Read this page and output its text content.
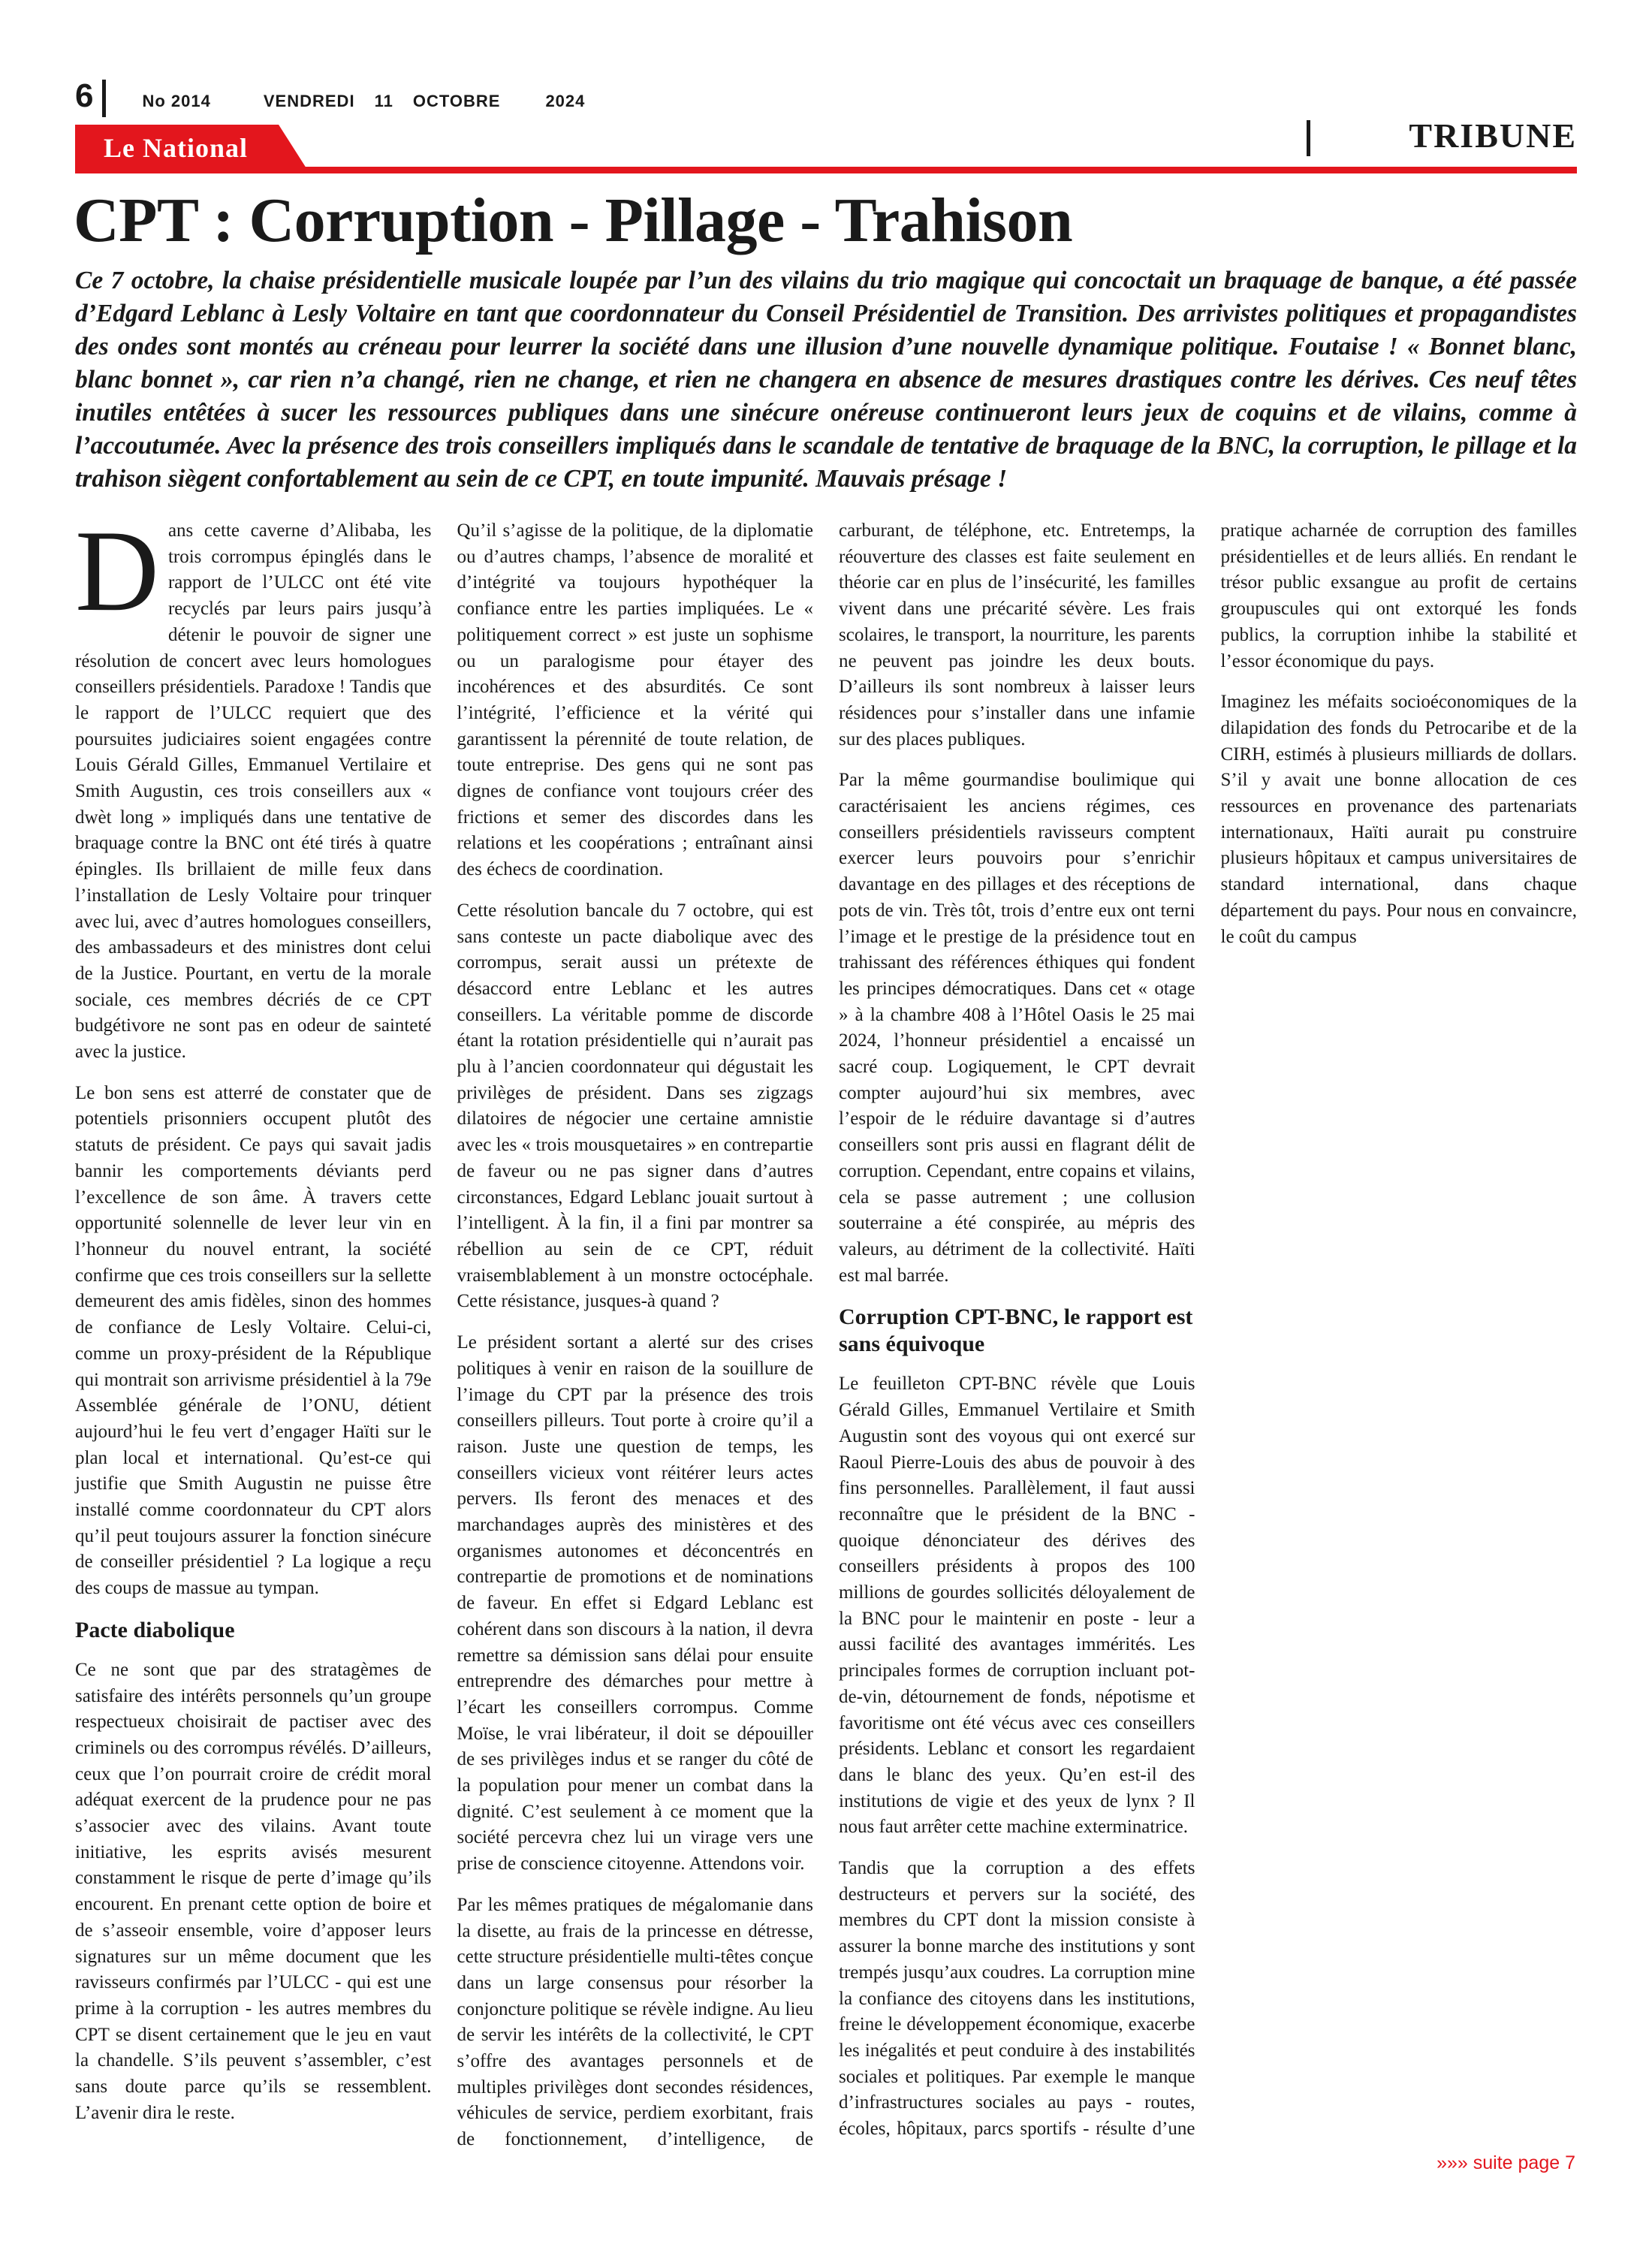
6	No 2014	VENDREDI 11 OCTOBRE	2024
Le National	TRIBUNE
CPT : Corruption - Pillage - Trahison

Ce 7 octobre, la chaise présidentielle musicale loupée par l’un des vilains du trio magique qui concoctait un braquage de banque, a été passée d’Edgard Leblanc à Lesly Voltaire en tant que coordonnateur du Conseil Présidentiel de Transition. Des arrivistes politiques et propagandistes des ondes sont montés au créneau pour leurrer la société dans une illusion d’une nouvelle dynamique politique. Foutaise ! « Bonnet blanc, blanc bonnet », car rien n’a changé, rien ne change, et rien ne changera en absence de mesures drastiques contre les dérives. Ces neuf têtes inutiles entêtées à sucer les ressources publiques dans une sinécure onéreuse continueront leurs jeux de coquins et de vilains, comme à l’accoutumée. Avec la présence des trois conseillers impliqués dans le scandale de tentative de braquage de la BNC, la corruption, le pillage et la trahison siègent confortablement au sein de ce CPT, en toute impunité. Mauvais présage !

Dans cette caverne d’Alibaba, les trois corrompus épinglés dans le rapport de l’ULCC ont été vite recyclés par leurs pairs jusqu’à détenir le pouvoir de signer une résolution de concert avec leurs homologues conseillers présidentiels. Paradoxe ! Tandis que le rapport de l’ULCC requiert que des poursuites judiciaires soient engagées contre Louis Gérald Gilles, Emmanuel Vertilaire et Smith Augustin, ces trois conseillers aux « dwèt long » impliqués dans une tentative de braquage contre la BNC ont été tirés à quatre épingles. Ils brillaient de mille feux dans l’installation de Lesly Voltaire pour trinquer avec lui, avec d’autres homologues conseillers, des ambassadeurs et des ministres dont celui de la Justice. Pourtant, en vertu de la morale sociale, ces membres décriés de ce CPT budgétivore ne sont pas en odeur de sainteté avec la justice.

Le bon sens est atterré de constater que de potentiels prisonniers occupent plutôt des statuts de président. Ce pays qui savait jadis bannir les comportements déviants perd l’excellence de son âme. À travers cette opportunité solennelle de lever leur vin en l’honneur du nouvel entrant, la société confirme que ces trois conseillers sur la sellette demeurent des amis fidèles, sinon des hommes de confiance de Lesly Voltaire. Celui-ci, comme un proxy-président de la République qui montrait son arrivisme présidentiel à la 79e Assemblée générale de l’ONU, détient aujourd’hui le feu vert d’engager Haïti sur le plan local et international. Qu’est-ce qui justifie que Smith Augustin ne puisse être installé comme coordonnateur du CPT alors qu’il peut toujours assurer la fonction sinécure de conseiller présidentiel ? La logique a reçu des coups de massue au tympan.

Pacte diabolique

Ce ne sont que par des stratagèmes de satisfaire des intérêts personnels qu’un groupe respectueux choisirait de pactiser avec des criminels ou des corrompus révélés. D’ailleurs, ceux que l’on pourrait croire de crédit moral adéquat exercent de la prudence pour ne pas s’associer avec des vilains. Avant toute initiative, les esprits avisés mesurent constamment le risque de perte d’image qu’ils encourent. En prenant cette option de boire et de s’asseoir ensemble, voire d’apposer leurs signatures sur un même document que les ravisseurs confirmés par l’ULCC - qui est une prime à la corruption - les autres membres du CPT se disent certainement que le jeu en vaut la chandelle. S’ils peuvent s’assembler, c’est sans doute parce qu’ils se ressemblent. L’avenir dira le reste.

Qu’il s’agisse de la politique, de la diplomatie ou d’autres champs, l’absence de moralité et d’intégrité va toujours hypothéquer la confiance entre les parties impliquées. Le « politiquement correct » est juste un sophisme ou un paralogisme pour étayer des incohérences et des absurdités. Ce sont l’intégrité, l’efficience et la vérité qui garantissent la pérennité de toute relation, de toute entreprise. Des gens qui ne sont pas dignes de confiance vont toujours créer des frictions et semer des discordes dans les relations et les coopérations ; entraînant ainsi des échecs de coordination.

Cette résolution bancale du 7 octobre, qui est sans conteste un pacte diabolique avec des corrompus, serait aussi un prétexte de désaccord entre Leblanc et les autres conseillers. La véritable pomme de discorde étant la rotation présidentielle qui n’aurait pas plu à l’ancien coordonnateur qui dégustait les privilèges de président. Dans ses zigzags dilatoires de négocier une certaine amnistie avec les « trois mousquetaires » en contrepartie de faveur ou ne pas signer dans d’autres circonstances, Edgard Leblanc jouait surtout à l’intelligent. À la fin, il a fini par montrer sa rébellion au sein de ce CPT, réduit vraisemblablement à un monstre octocéphale. Cette résistance, jusques-à quand ?

Le président sortant a alerté sur des crises politiques à venir en raison de la souillure de l’image du CPT par la présence des trois conseillers pilleurs. Tout porte à croire qu’il a raison. Juste une question de temps, les conseillers vicieux vont réitérer leurs actes pervers. Ils feront des menaces et des marchandages auprès des ministères et des organismes autonomes et déconcentrés en contrepartie de promotions et de nominations de faveur. En effet si Edgard Leblanc est cohérent dans son discours à la nation, il devra remettre sa démission sans délai pour ensuite entreprendre des démarches pour mettre à l’écart les conseillers corrompus. Comme Moïse, le vrai libérateur, il doit se dépouiller de ses privilèges indus et se ranger du côté de la population pour mener un combat dans la dignité. C’est seulement à ce moment que la société percevra chez lui un virage vers une prise de conscience citoyenne. Attendons voir.

Par les mêmes pratiques de mégalomanie dans la disette, au frais de la princesse en détresse, cette structure présidentielle multi-têtes conçue dans un large consensus pour résorber la conjoncture politique se révèle indigne. Au lieu de servir les intérêts de la collectivité, le CPT s’offre des avantages personnels et de multiples privilèges dont secondes résidences, véhicules de service, perdiem exorbitant, frais de fonctionnement, d’intelligence, de carburant, de téléphone, etc. Entretemps, la réouverture des classes est faite seulement en théorie car en plus de l’insécurité, les familles vivent dans une précarité sévère. Les frais scolaires, le transport, la nourriture, les parents ne peuvent pas joindre les deux bouts. D’ailleurs ils sont nombreux à laisser leurs résidences pour s’installer dans une infamie sur des places publiques.

Par la même gourmandise boulimique qui caractérisaient les anciens régimes, ces conseillers présidentiels ravisseurs comptent exercer leurs pouvoirs pour s’enrichir davantage en des pillages et des réceptions de pots de vin. Très tôt, trois d’entre eux ont terni l’image et le prestige de la présidence tout en trahissant des références éthiques qui fondent les principes démocratiques. Dans cet « otage » à la chambre 408 à l’Hôtel Oasis le 25 mai 2024, l’honneur présidentiel a encaissé un sacré coup. Logiquement, le CPT devrait compter aujourd’hui six membres, avec l’espoir de le réduire davantage si d’autres conseillers sont pris aussi en flagrant délit de corruption. Cependant, entre copains et vilains, cela se passe autrement ; une collusion souterraine a été conspirée, au mépris des valeurs, au détriment de la collectivité. Haïti est mal barrée.

Corruption CPT-BNC, le rapport est sans équivoque

Le feuilleton CPT-BNC révèle que Louis Gérald Gilles, Emmanuel Vertilaire et Smith Augustin sont des voyous qui ont exercé sur Raoul Pierre-Louis des abus de pouvoir à des fins personnelles. Parallèlement, il faut aussi reconnaître que le président de la BNC - quoique dénonciateur des dérives des conseillers présidents à propos des 100 millions de gourdes sollicités déloyalement de la BNC pour le maintenir en poste - leur a aussi facilité des avantages immérités. Les principales formes de corruption incluant pot-de-vin, détournement de fonds, népotisme et favoritisme ont été vécus avec ces conseillers présidents. Leblanc et consort les regardaient dans le blanc des yeux. Qu’en est-il des institutions de vigie et des yeux de lynx ? Il nous faut arrêter cette machine exterminatrice.

Tandis que la corruption a des effets destructeurs et pervers sur la société, des membres du CPT dont la mission consiste à assurer la bonne marche des institutions y sont trempés jusqu’aux coudres. La corruption mine la confiance des citoyens dans les institutions, freine le développement économique, exacerbe les inégalités et peut conduire à des instabilités sociales et politiques. Par exemple le manque d’infrastructures sociales au pays - routes, écoles, hôpitaux, parcs sportifs - résulte d’une pratique acharnée de corruption des familles présidentielles et de leurs alliés. En rendant le trésor public exsangue au profit de certains groupuscules qui ont extorqué les fonds publics, la corruption inhibe la stabilité et l’essor économique du pays.

Imaginez les méfaits socioéconomiques de la dilapidation des fonds du Petrocaribe et de la CIRH, estimés à plusieurs milliards de dollars. S’il y avait une bonne allocation de ces ressources en provenance des partenariats internationaux, Haïti aurait pu construire plusieurs hôpitaux et campus universitaires de standard international, dans chaque département du pays. Pour nous en convaincre, le coût du campus

»»» suite page 7
